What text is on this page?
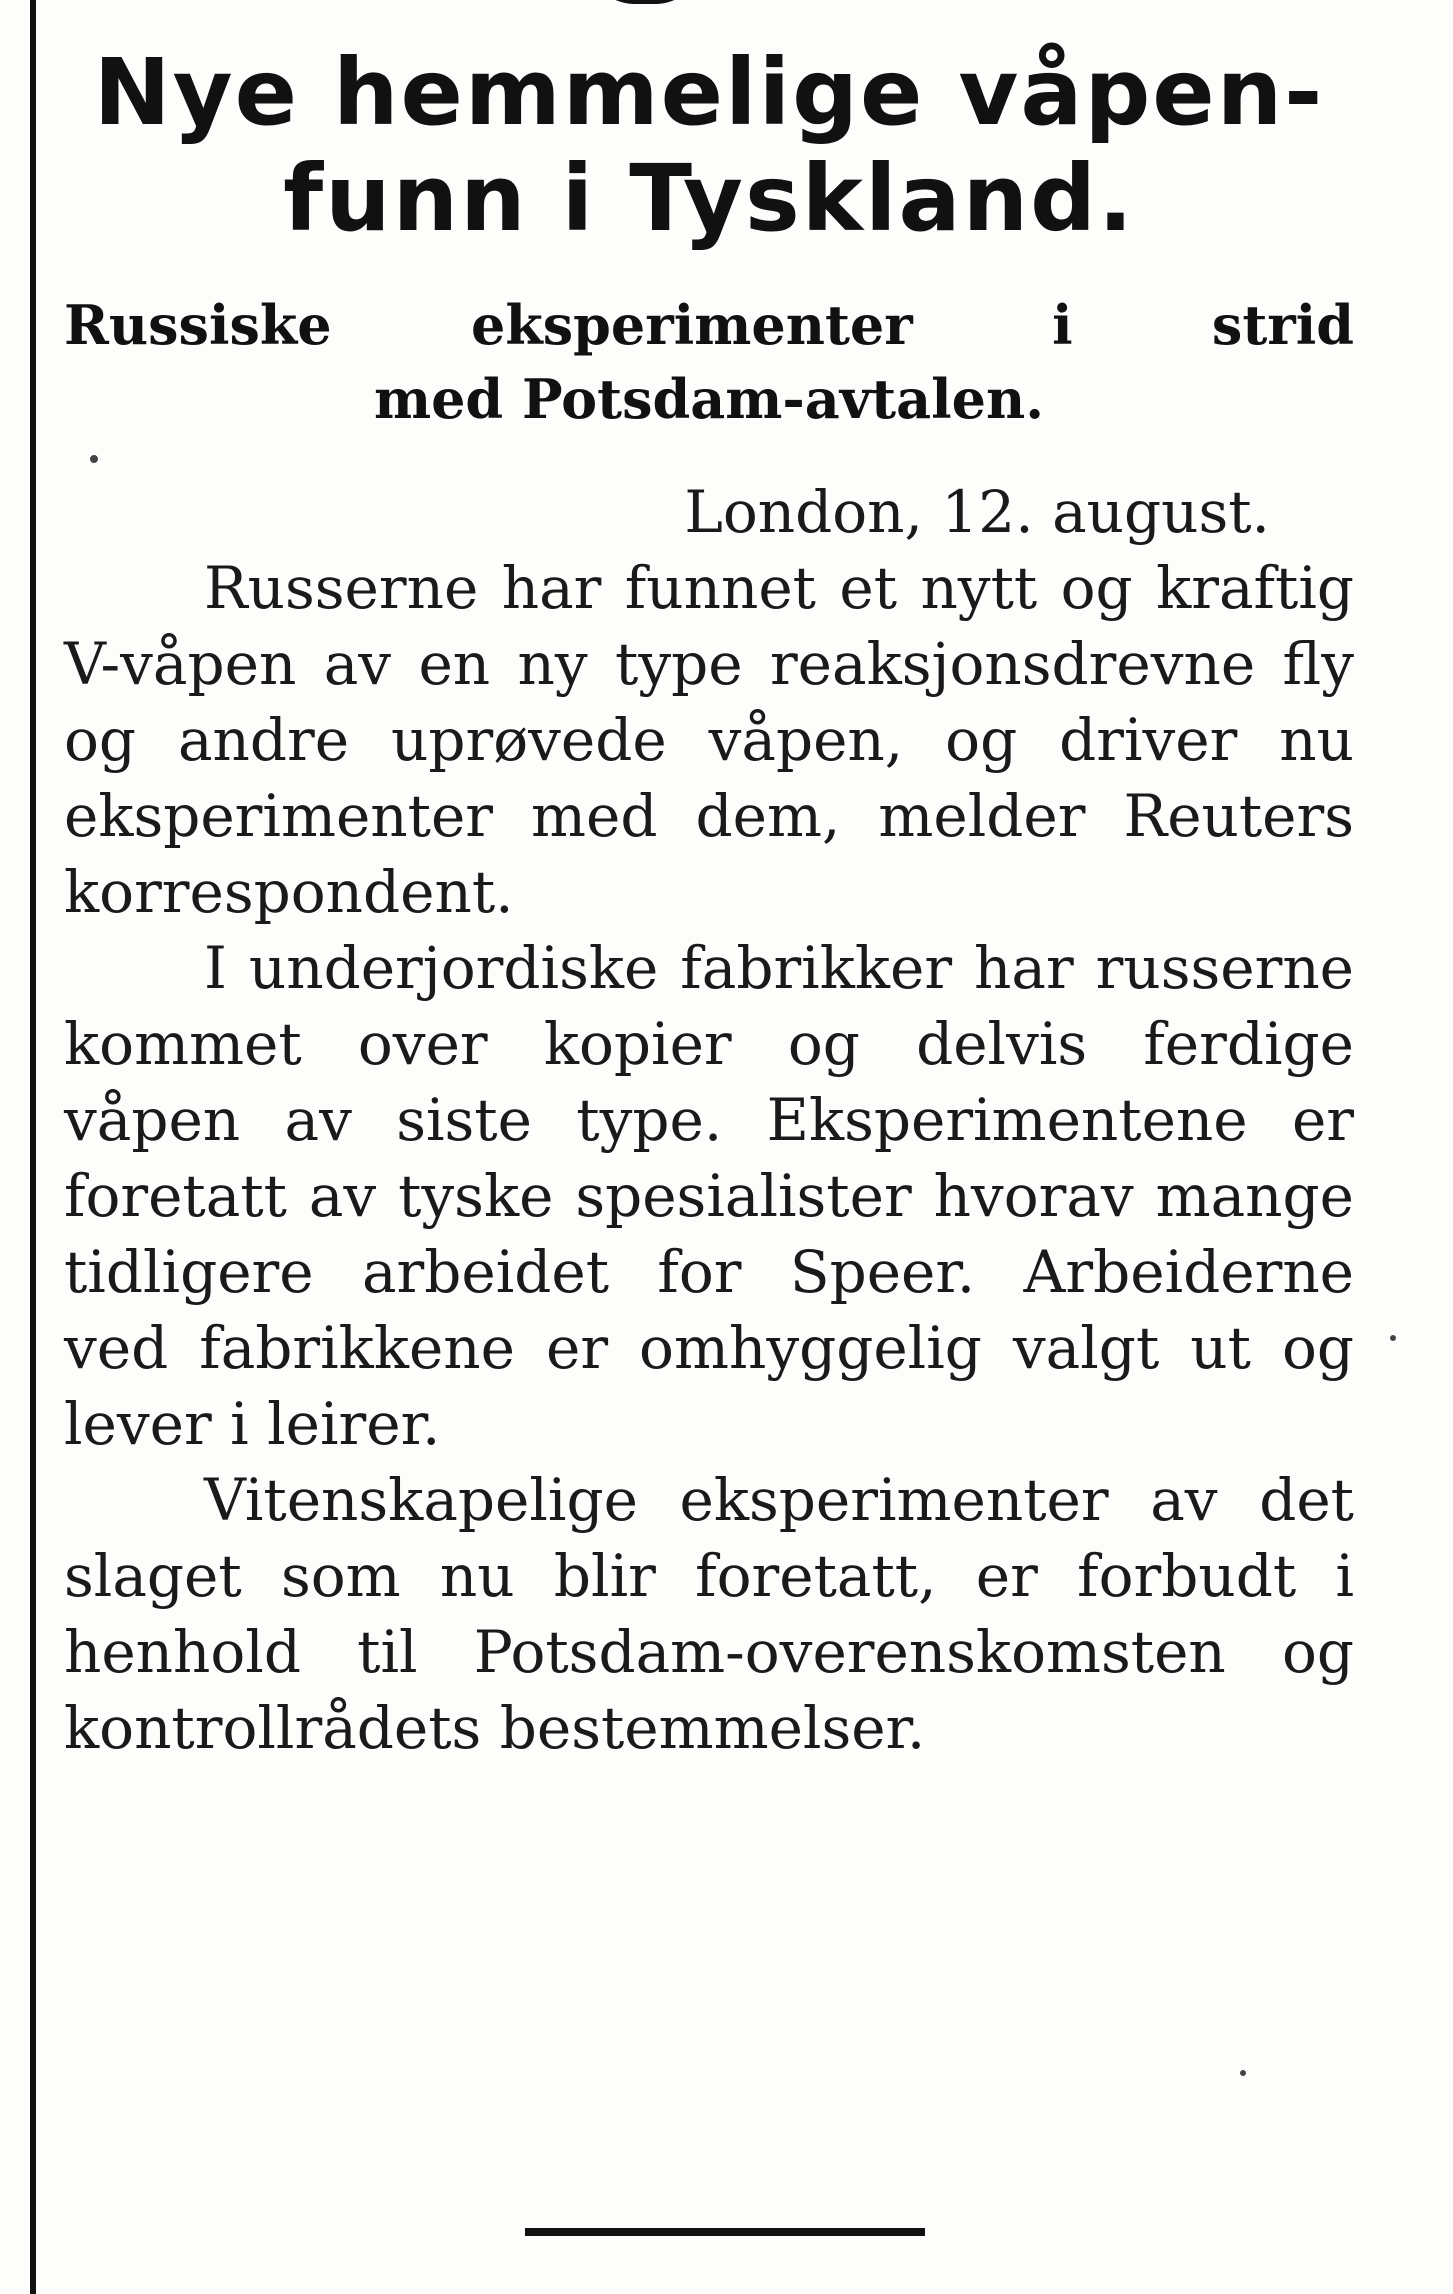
Nye hemmelige våpen-
funn i Tyskland.
Russiske eksperimenter i strid
med Potsdam-avtalen.

London, 12. august.

Russerne har funnet et nytt og kraftig V-våpen av en ny type reaksjonsdrevne fly og andre uprøvede våpen, og driver nu eksperimenter med dem, melder Reuters korrespondent.

I underjordiske fabrikker har russerne kommet over kopier og delvis ferdige våpen av siste type. Eksperimentene er foretatt av tyske spesialister hvorav mange tidligere arbeidet for Speer. Arbeiderne ved fabrikkene er omhyggelig valgt ut og lever i leirer.

Vitenskapelige eksperimenter av det slaget som nu blir foretatt, er forbudt i henhold til Potsdam-overenskomsten og kontrollrådets bestemmelser.
